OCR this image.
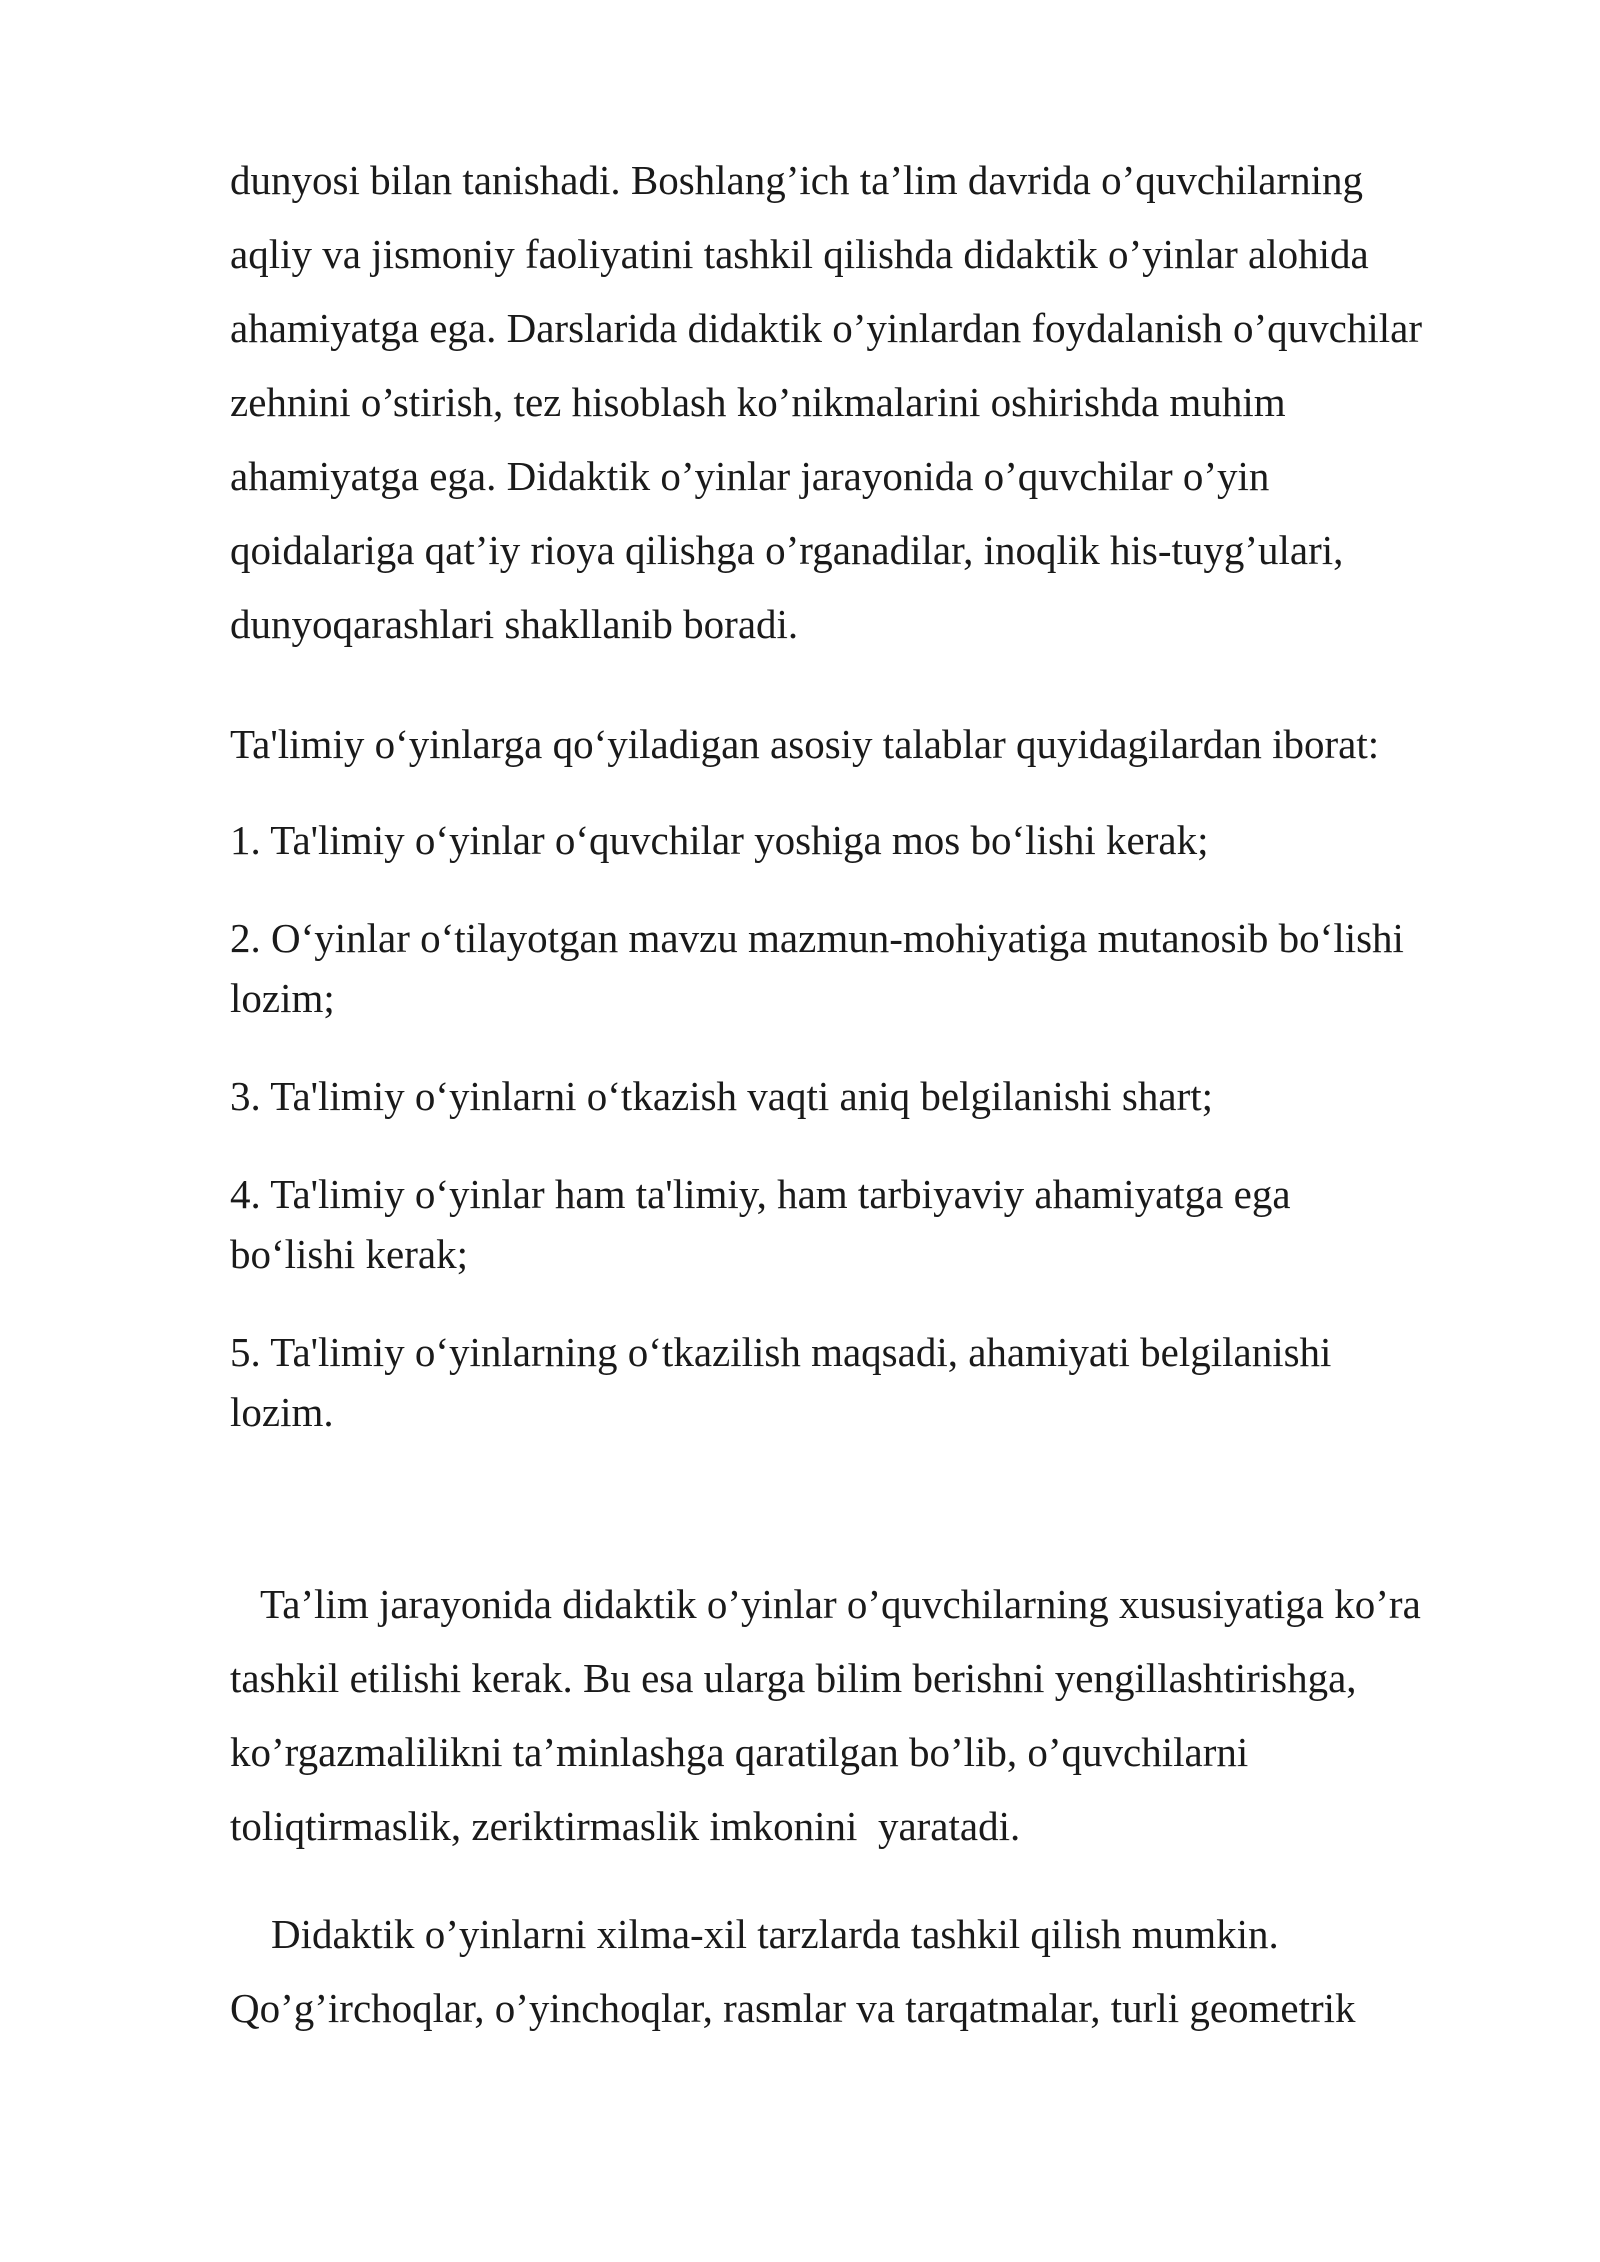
dunyosi bilan tanishadi. Boshlang’ich ta’lim davrida o’quvchilarning
aqliy va jismoniy faoliyatini tashkil qilishda didaktik o’yinlar alohida
ahamiyatga ega. Darslarida didaktik o’yinlardan foydalanish o’quvchilar
zehnini o’stirish, tez hisoblash ko’nikmalarini oshirishda muhim
ahamiyatga ega. Didaktik o’yinlar jarayonida o’quvchilar o’yin
qoidalariga qat’iy rioya qilishga o’rganadilar, inoqlik his-tuyg’ulari,
dunyoqarashlari shakllanib boradi.
Ta'limiy o‘yinlarga qo‘yiladigan asosiy talablar quyidagilardan iborat:
1. Ta'limiy o‘yinlar o‘quvchilar yoshiga mos bo‘lishi kerak;
2. O‘yinlar o‘tilayotgan mavzu mazmun-mohiyatiga mutanosib bo‘lishi
lozim;
3. Ta'limiy o‘yinlarni o‘tkazish vaqti aniq belgilanishi shart;
4. Ta'limiy o‘yinlar ham ta'limiy, ham tarbiyaviy ahamiyatga ega
bo‘lishi kerak;
5. Ta'limiy o‘yinlarning o‘tkazilish maqsadi, ahamiyati belgilanishi
lozim.
Ta’lim jarayonida didaktik o’yinlar o’quvchilarning xususiyatiga ko’ra
tashkil etilishi kerak. Bu esa ularga bilim berishni yengillashtirishga,
ko’rgazmalilikni ta’minlashga qaratilgan bo’lib, o’quvchilarni
toliqtirmaslik, zeriktirmaslik imkonini  yaratadi.
Didaktik o’yinlarni xilma-xil tarzlarda tashkil qilish mumkin.
Qo’g’irchoqlar, o’yinchoqlar, rasmlar va tarqatmalar, turli geometrik
